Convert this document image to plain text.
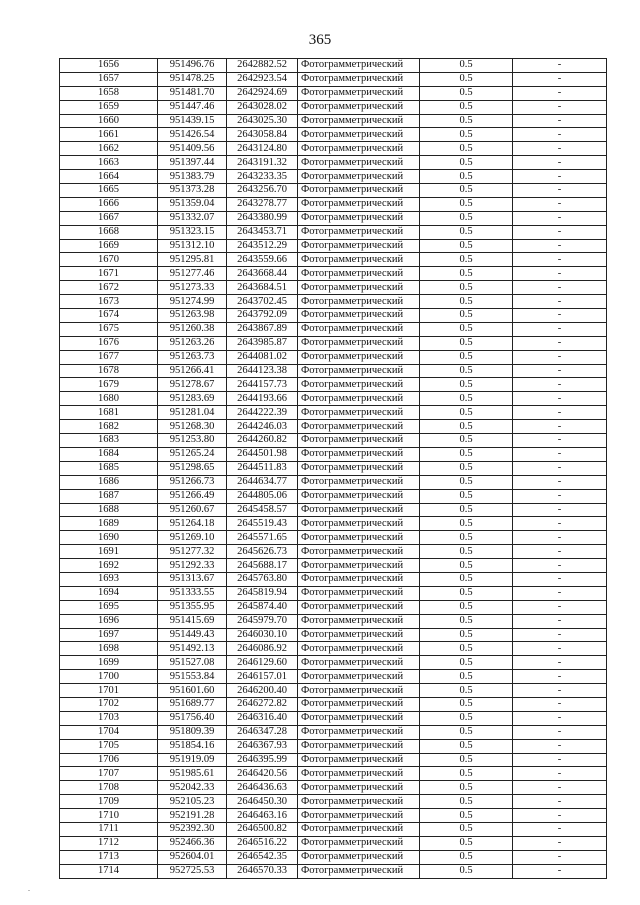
365
1656	951496.76	2642882.52	Фотограмметрический	0.5	-
1657	951478.25	2642923.54	Фотограмметрический	0.5	-
1658	951481.70	2642924.69	Фотограмметрический	0.5	-
1659	951447.46	2643028.02	Фотограмметрический	0.5	-
1660	951439.15	2643025.30	Фотограмметрический	0.5	-
1661	951426.54	2643058.84	Фотограмметрический	0.5	-
1662	951409.56	2643124.80	Фотограмметрический	0.5	-
1663	951397.44	2643191.32	Фотограмметрический	0.5	-
1664	951383.79	2643233.35	Фотограмметрический	0.5	-
1665	951373.28	2643256.70	Фотограмметрический	0.5	-
1666	951359.04	2643278.77	Фотограмметрический	0.5	-
1667	951332.07	2643380.99	Фотограмметрический	0.5	-
1668	951323.15	2643453.71	Фотограмметрический	0.5	-
1669	951312.10	2643512.29	Фотограмметрический	0.5	-
1670	951295.81	2643559.66	Фотограмметрический	0.5	-
1671	951277.46	2643668.44	Фотограмметрический	0.5	-
1672	951273.33	2643684.51	Фотограмметрический	0.5	-
1673	951274.99	2643702.45	Фотограмметрический	0.5	-
1674	951263.98	2643792.09	Фотограмметрический	0.5	-
1675	951260.38	2643867.89	Фотограмметрический	0.5	-
1676	951263.26	2643985.87	Фотограмметрический	0.5	-
1677	951263.73	2644081.02	Фотограмметрический	0.5	-
1678	951266.41	2644123.38	Фотограмметрический	0.5	-
1679	951278.67	2644157.73	Фотограмметрический	0.5	-
1680	951283.69	2644193.66	Фотограмметрический	0.5	-
1681	951281.04	2644222.39	Фотограмметрический	0.5	-
1682	951268.30	2644246.03	Фотограмметрический	0.5	-
1683	951253.80	2644260.82	Фотограмметрический	0.5	-
1684	951265.24	2644501.98	Фотограмметрический	0.5	-
1685	951298.65	2644511.83	Фотограмметрический	0.5	-
1686	951266.73	2644634.77	Фотограмметрический	0.5	-
1687	951266.49	2644805.06	Фотограмметрический	0.5	-
1688	951260.67	2645458.57	Фотограмметрический	0.5	-
1689	951264.18	2645519.43	Фотограмметрический	0.5	-
1690	951269.10	2645571.65	Фотограмметрический	0.5	-
1691	951277.32	2645626.73	Фотограмметрический	0.5	-
1692	951292.33	2645688.17	Фотограмметрический	0.5	-
1693	951313.67	2645763.80	Фотограмметрический	0.5	-
1694	951333.55	2645819.94	Фотограмметрический	0.5	-
1695	951355.95	2645874.40	Фотограмметрический	0.5	-
1696	951415.69	2645979.70	Фотограмметрический	0.5	-
1697	951449.43	2646030.10	Фотограмметрический	0.5	-
1698	951492.13	2646086.92	Фотограмметрический	0.5	-
1699	951527.08	2646129.60	Фотограмметрический	0.5	-
1700	951553.84	2646157.01	Фотограмметрический	0.5	-
1701	951601.60	2646200.40	Фотограмметрический	0.5	-
1702	951689.77	2646272.82	Фотограмметрический	0.5	-
1703	951756.40	2646316.40	Фотограмметрический	0.5	-
1704	951809.39	2646347.28	Фотограмметрический	0.5	-
1705	951854.16	2646367.93	Фотограмметрический	0.5	-
1706	951919.09	2646395.99	Фотограмметрический	0.5	-
1707	951985.61	2646420.56	Фотограмметрический	0.5	-
1708	952042.33	2646436.63	Фотограмметрический	0.5	-
1709	952105.23	2646450.30	Фотограмметрический	0.5	-
1710	952191.28	2646463.16	Фотограмметрический	0.5	-
1711	952392.30	2646500.82	Фотограмметрический	0.5	-
1712	952466.36	2646516.22	Фотограмметрический	0.5	-
1713	952604.01	2646542.35	Фотограмметрический	0.5	-
1714	952725.53	2646570.33	Фотограмметрический	0.5	-
.
